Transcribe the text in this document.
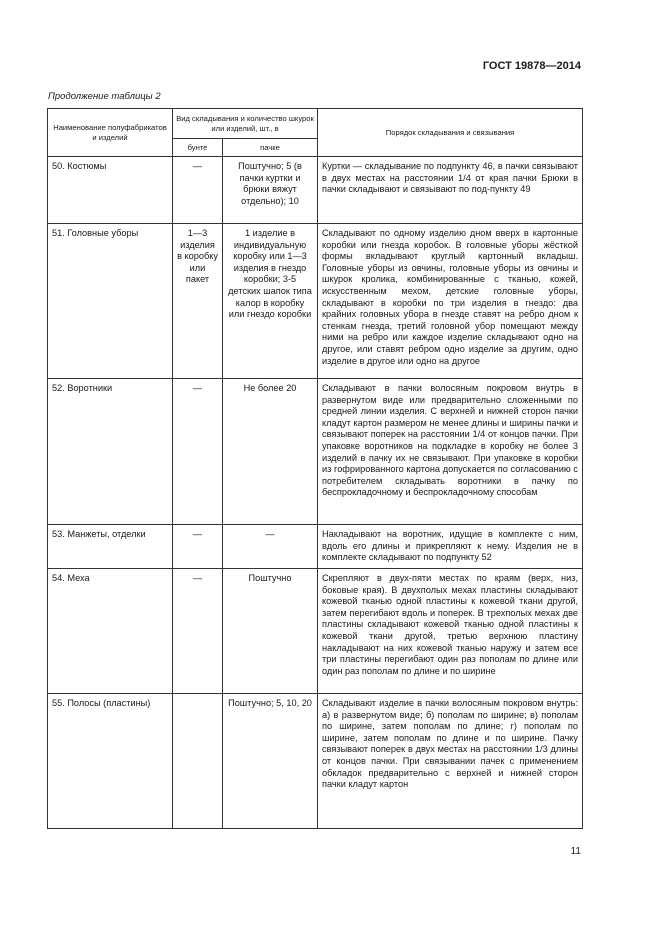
ГОСТ 19878—2014
Продолжение таблицы 2
Наименование полуфабрикатов и изделий	Вид складывания и количество шкурок или изделий, шт., в		Порядок складывания и связывания
	бунте	пачке	
50. Костюмы	—	Поштучно; 5 (в пачки куртки и брюки вяжут отдельно); 10	Куртки — складывание по подпункту 46, в пачки связывают в двух местах на расстоянии 1/4 от края пачки Брюки в пачки складывают и связывают по под-пункту 49
51. Головные уборы	1—3 изделия в коробку или пакет	1 изделие в индивидуальную коробку или 1—3 изделия в гнездо коробки; 3-5 детских шапок типа калор в коробку или гнездо коробки	Складывают по одному изделию дном вверх в картонные коробки или гнезда коробок. В головные уборы жёсткой формы вкладывают круглый картонный вкладыш. Головные уборы из овчины, головные уборы из овчины и шкурок кролика, комбинированные с тканью, кожей, искусственным мехом, детские головные уборы, складывают в коробки по три изделия в гнездо: два крайних головных убора в гнезде ставят на ребро дном к стенкам гнезда, третий головной убор помещают между ними на ребро или каждое изделие складывают одно на другое, или ставят ребром одно изделие за другим, одно изделие в другое или одно на другое
52. Воротники	—	Не более 20	Складывают в пачки волосяным покровом внутрь в развернутом виде или предварительно сложенными по средней линии изделия. С верхней и нижней сторон пачки кладут картон размером не менее длины и ширины пачки и связывают поперек на расстоянии 1/4 от концов пачки. При упаковке воротников на подкладке в коробку не более 3 изделий в пачку их не связывают. При упаковке в коробки из гофрированного картона допускается по согласованию с потребителем складывать воротники в пачку по беспрокладочному и беспрокладочному способам
53. Манжеты, отделки	—	—	Накладывают на воротник, идущие в комплекте с ним, вдоль его длины и прикрепляют к нему. Изделия не в комплекте складывают по подпункту 52
54. Меха	—	Поштучно	Скрепляют в двух-пяти местах по краям (верх, низ, боковые края). В двухполых мехах пластины складывают кожевой тканью одной пластины к кожевой ткани другой, затем перегибают вдоль и поперек. В трехполых мехах две пластины складывают кожевой тканью одной пластины к кожевой ткани другой, третью верхнюю пластину накладывают на них кожевой тканью наружу и затем все три пластины перегибают один раз пополам по длине или один раз пополам по длине и по ширине
55. Полосы (пластины)		Поштучно; 5, 10, 20	Складывают изделие в пачки волосяным покровом внутрь: а) в развернутом виде; б) пополам по ширине; в) пополам по ширине, затем пополам по длине; г) пополам по ширине, затем пополам по длине и по ширине. Пачку связывают поперек в двух местах на расстоянии 1/3 длины от концов пачки. При связывании пачек с применением обкладок предварительно с верхней и нижней сторон пачки кладут картон
11
